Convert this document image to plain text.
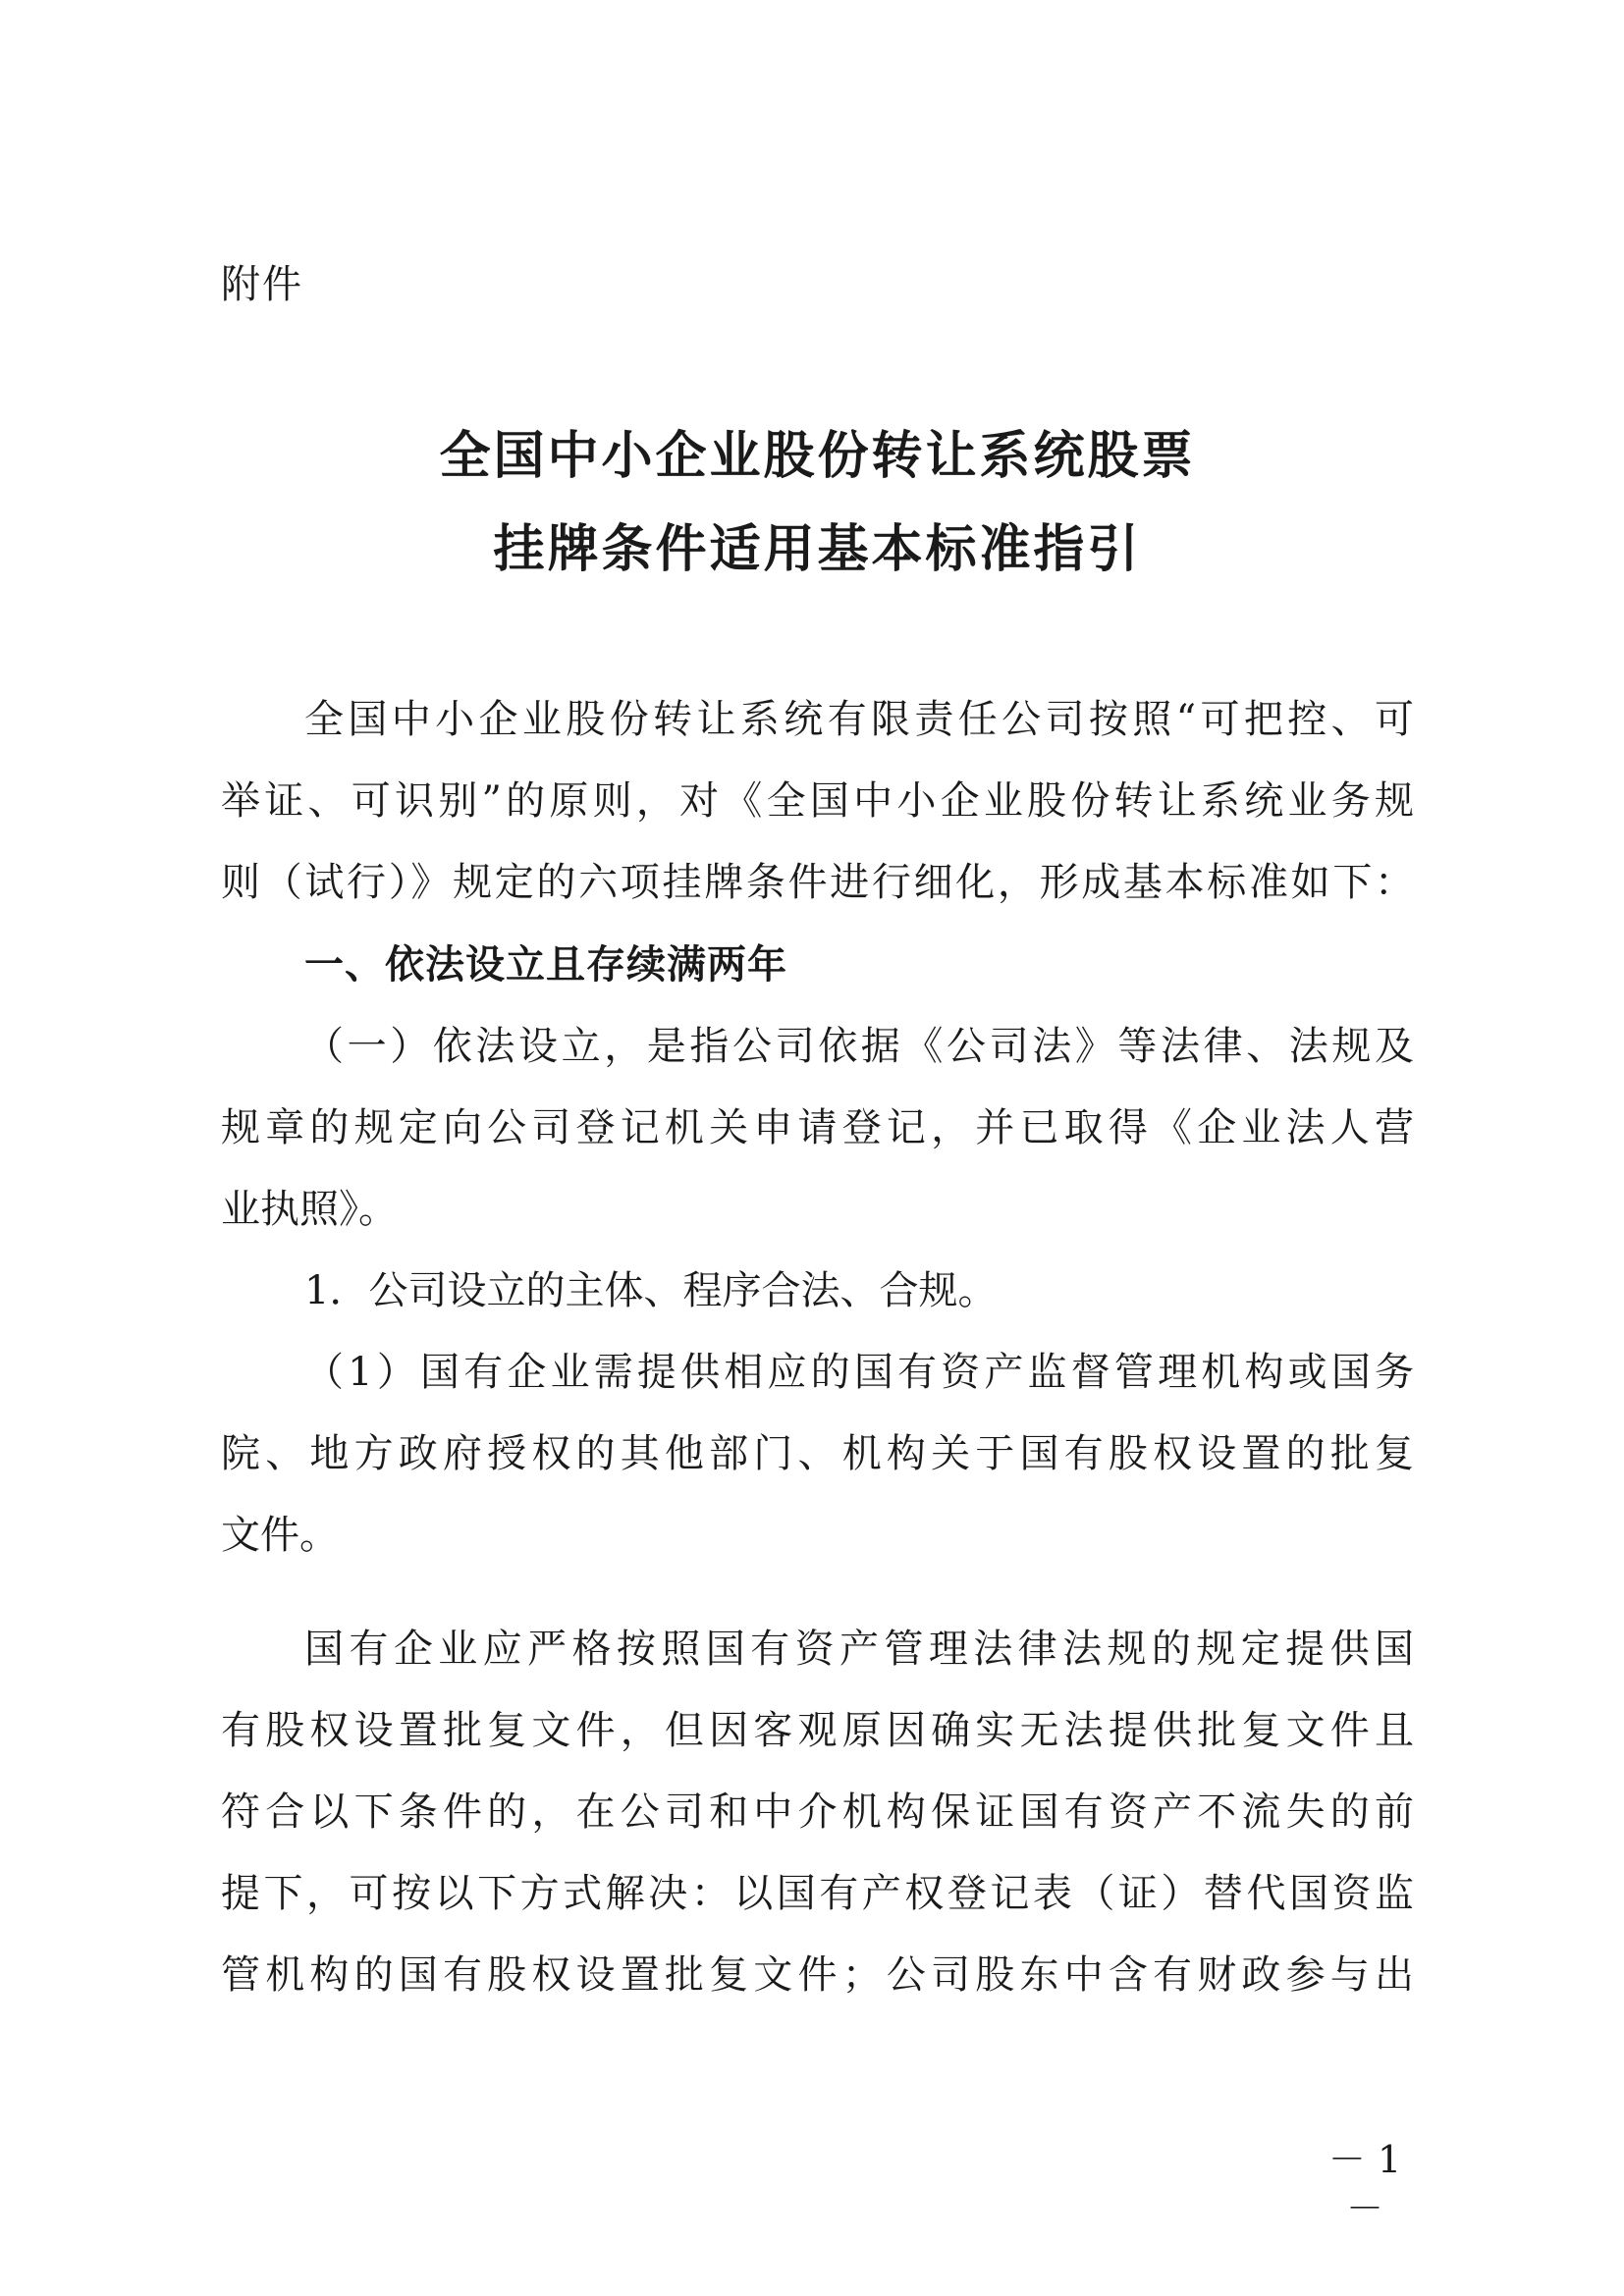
附件
全国中小企业股份转让系统股票
挂牌条件适用基本标准指引
全国中小企业股份转让系统有限责任公司按照“可把控、可
举证、可识别”的原则，对《全国中小企业股份转让系统业务规
则（试行）》规定的六项挂牌条件进行细化，形成基本标准如下：
一、依法设立且存续满两年
（一）依法设立，是指公司依据《公司法》等法律、法规及
规章的规定向公司登记机关申请登记，并已取得《企业法人营
业执照》。
1．公司设立的主体、程序合法、合规。
（1）国有企业需提供相应的国有资产监督管理机构或国务
院、地方政府授权的其他部门、机构关于国有股权设置的批复
文件。
国有企业应严格按照国有资产管理法律法规的规定提供国
有股权设置批复文件，但因客观原因确实无法提供批复文件且
符合以下条件的，在公司和中介机构保证国有资产不流失的前
提下，可按以下方式解决：以国有产权登记表（证）替代国资监
管机构的国有股权设置批复文件；公司股东中含有财政参与出
－ 1 －
